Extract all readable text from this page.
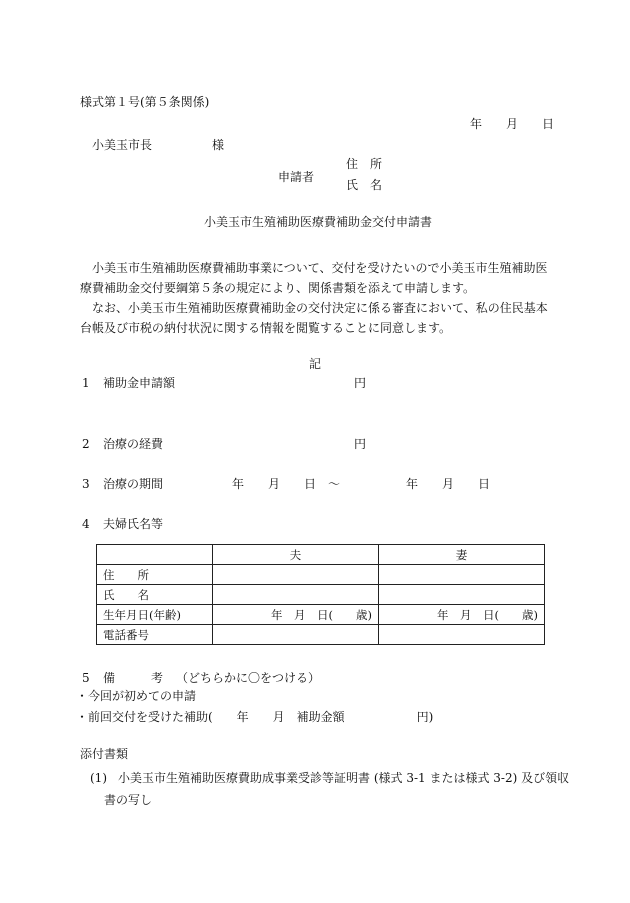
様式第１号(第５条関係)
年　　月　　日
小美玉市長　　　　　様
住　所
申請者
氏　名
小美玉市生殖補助医療費補助金交付申請書
小美玉市生殖補助医療費補助事業について、交付を受けたいので小美玉市生殖補助医療費補助金交付要綱第５条の規定により、関係書類を添えて申請します。
なお、小美玉市生殖補助医療費補助金の交付決定に係る審査において、私の住民基本台帳及び市税の納付状況に関する情報を閲覧することに同意します。
記
1 補助金申請額	円
2 治療の経費	円
3 治療の期間	年　　月　　日　〜	年　　月　　日
4 夫婦氏名等
	夫	妻
住　　所		
氏　　名		
生年月日(年齢)	年　月　日(　　歳)	年　月　日(　　歳)
電話番号		
5 備　　　考 （どちらかに〇をつける）
・今回が初めての申請
・前回交付を受けた補助(　　年　　月　補助金額　　　　　　円)
添付書類
(1) 小美玉市生殖補助医療費助成事業受診等証明書 (様式 3-1 または様式 3-2) 及び領収
書の写し
